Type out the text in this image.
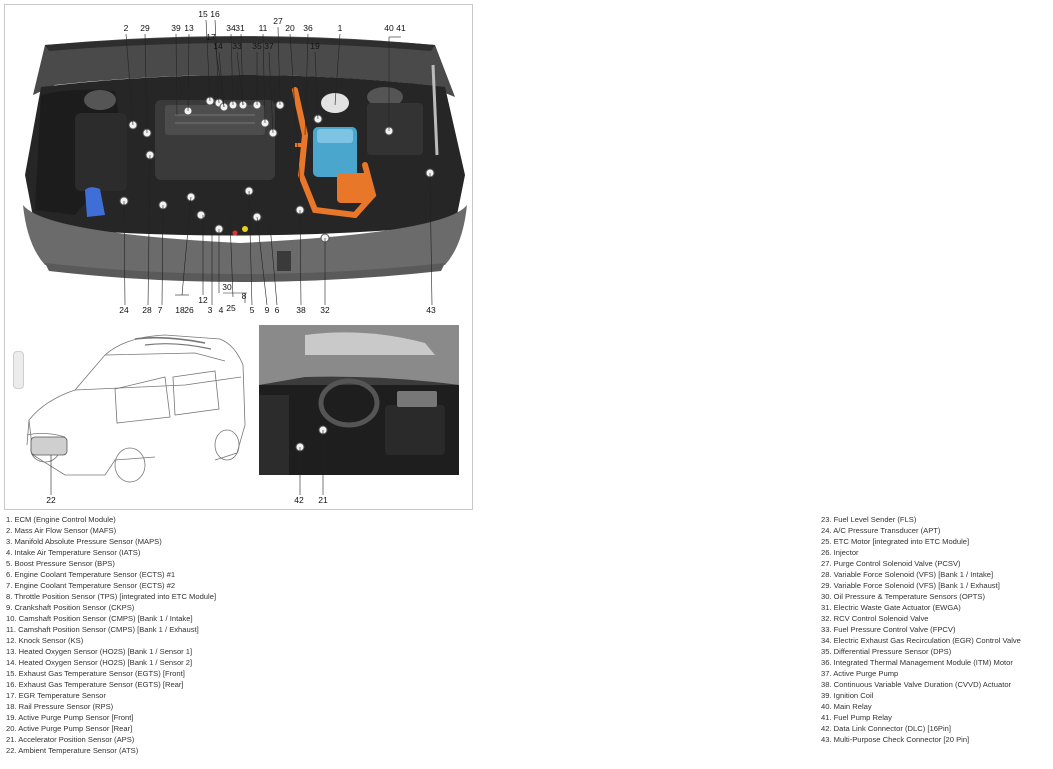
2 29	39 13
15 16
17
14
34
33
31
35
11
37
27
20 36
19
1	40 41
24 28 7 18 26
12
3 4 25
30
8
5 9 6 38 32	43
22	42 21
1. ECM (Engine Control Module)
2. Mass Air Flow Sensor (MAFS)
3. Manifold Absolute Pressure Sensor (MAPS)
4. Intake Air Temperature Sensor (IATS)
5. Boost Pressure Sensor (BPS)
6. Engine Coolant Temperature Sensor (ECTS) #1
7. Engine Coolant Temperature Sensor (ECTS) #2
8. Throttle Position Sensor (TPS) [integrated into ETC Module]
9. Crankshaft Position Sensor (CKPS)
10. Camshaft Position Sensor (CMPS) [Bank 1 / Intake]
11. Camshaft Position Sensor (CMPS) [Bank 1 / Exhaust]
12. Knock Sensor (KS)
13. Heated Oxygen Sensor (HO2S) [Bank 1 / Sensor 1]
14. Heated Oxygen Sensor (HO2S) [Bank 1 / Sensor 2]
15. Exhaust Gas Temperature Sensor (EGTS) [Front]
16. Exhaust Gas Temperature Sensor (EGTS) [Rear]
17. EGR Temperature Sensor
18. Rail Pressure Sensor (RPS)
19. Active Purge Pump Sensor [Front]
20. Active Purge Pump Sensor [Rear]
21. Accelerator Position Sensor (APS)
22. Ambient Temperature Sensor (ATS)
23. Fuel Level Sender (FLS)
24. A/C Pressure Transducer (APT)
25. ETC Motor [integrated into ETC Module]
26. Injector
27. Purge Control Solenoid Valve (PCSV)
28. Variable Force Solenoid (VFS) [Bank 1 / Intake]
29. Variable Force Solenoid (VFS) [Bank 1 / Exhaust]
30. Oil Pressure & Temperature Sensors (OPTS)
31. Electric Waste Gate Actuator (EWGA)
32. RCV Control Solenoid Valve
33. Fuel Pressure Control Valve (FPCV)
34. Electric Exhaust Gas Recirculation (EGR) Control Valve
35. Differential Pressure Sensor (DPS)
36. Integrated Thermal Management Module (ITM) Motor
37. Active Purge Pump
38. Continuous Variable Valve Duration (CVVD) Actuator
39. Ignition Coil
40. Main Relay
41. Fuel Pump Relay
42. Data Link Connector (DLC) [16Pin]
43. Multi-Purpose Check Connector [20 Pin]
